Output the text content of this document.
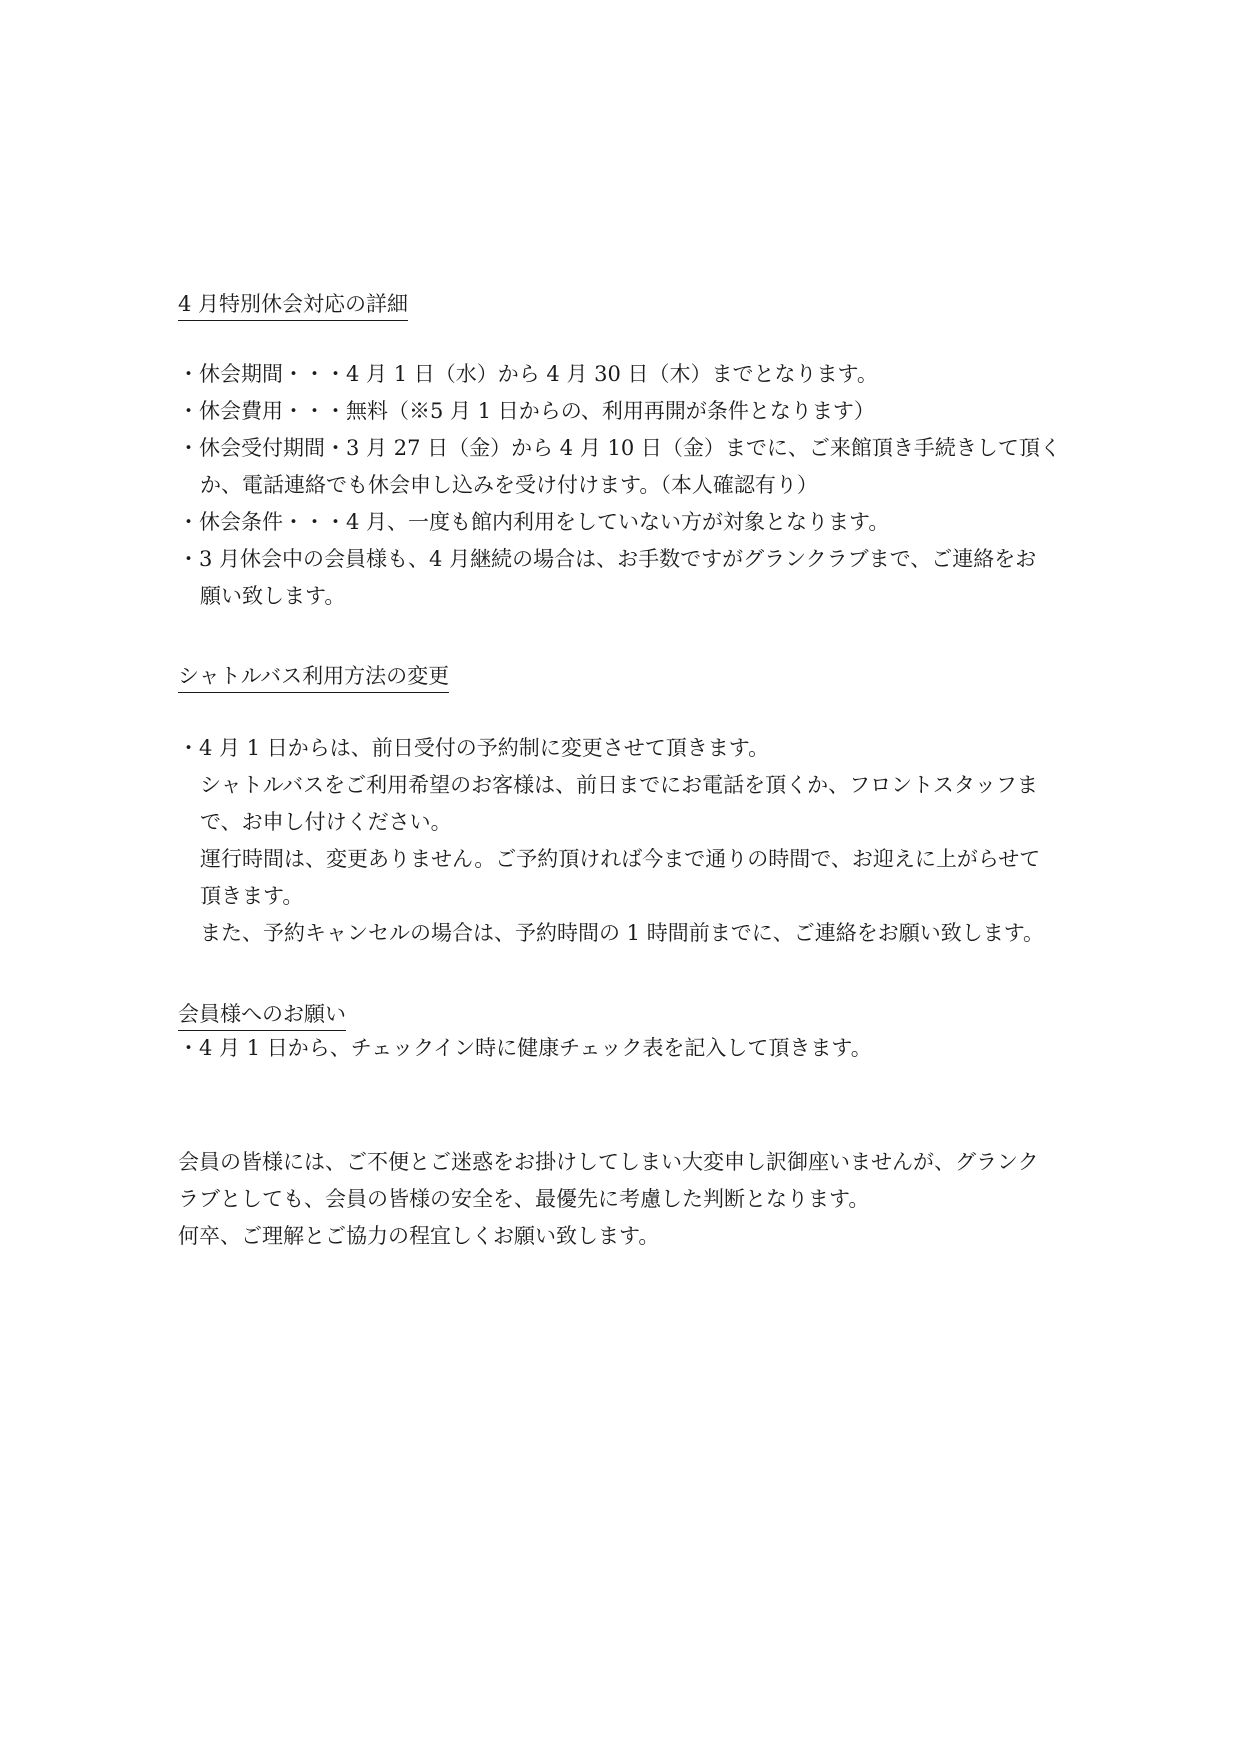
4 月特別休会対応の詳細
・休会期間・・・4 月 1 日（水）から 4 月 30 日（木）までとなります。
・休会費用・・・無料（※5 月 1 日からの、利用再開が条件となります）
・休会受付期間・3 月 27 日（金）から 4 月 10 日（金）までに、ご来館頂き手続きして頂く
か、電話連絡でも休会申し込みを受け付けます。（本人確認有り）
・休会条件・・・4 月、一度も館内利用をしていない方が対象となります。
・3 月休会中の会員様も、4 月継続の場合は、お手数ですがグランクラブまで、ご連絡をお
願い致します。
シャトルバス利用方法の変更
・4 月 1 日からは、前日受付の予約制に変更させて頂きます。
シャトルバスをご利用希望のお客様は、前日までにお電話を頂くか、フロントスタッフま
で、お申し付けください。
運行時間は、変更ありません。ご予約頂ければ今まで通りの時間で、お迎えに上がらせて
頂きます。
また、予約キャンセルの場合は、予約時間の 1 時間前までに、ご連絡をお願い致します。
会員様へのお願い
・4 月 1 日から、チェックイン時に健康チェック表を記入して頂きます。
会員の皆様には、ご不便とご迷惑をお掛けしてしまい大変申し訳御座いませんが、グランク
ラブとしても、会員の皆様の安全を、最優先に考慮した判断となります。
何卒、ご理解とご協力の程宜しくお願い致します。
